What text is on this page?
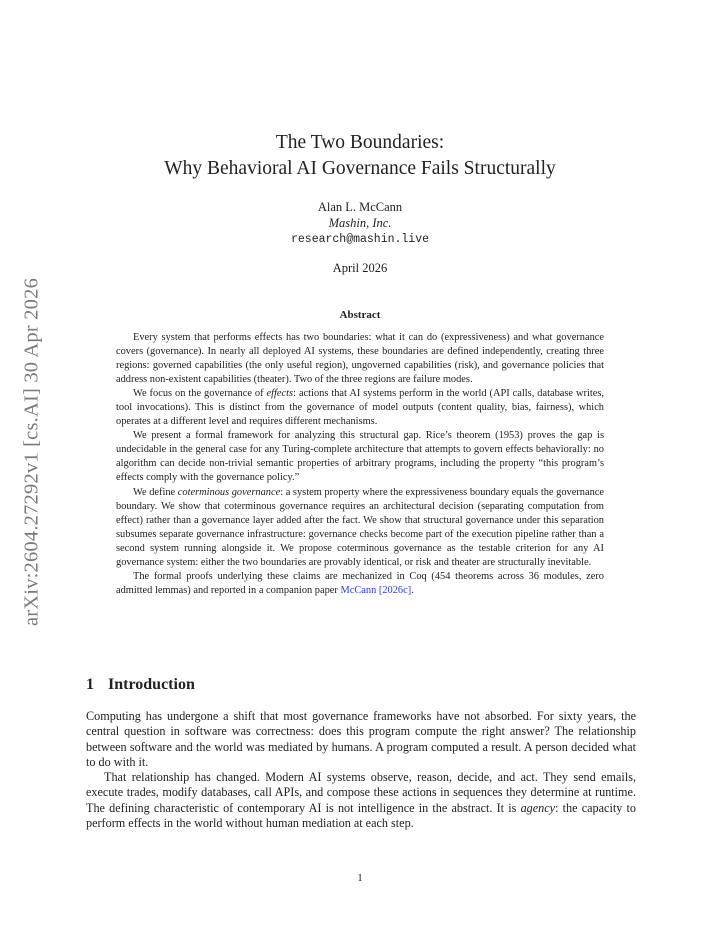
arXiv:2604.27292v1 [cs.AI] 30 Apr 2026
The Two Boundaries:
Why Behavioral AI Governance Fails Structurally
Alan L. McCann
Mashin, Inc.
research@mashin.live
April 2026
Abstract

Every system that performs effects has two boundaries: what it can do (expressiveness) and what governance covers (governance). In nearly all deployed AI systems, these boundaries are defined independently, creating three regions: governed capabilities (the only useful region), ungoverned capabilities (risk), and governance policies that address non-existent capabilities (theater). Two of the three regions are failure modes.

We focus on the governance of effects: actions that AI systems perform in the world (API calls, database writes, tool invocations). This is distinct from the governance of model outputs (content quality, bias, fairness), which operates at a different level and requires different mechanisms.

We present a formal framework for analyzing this structural gap. Rice’s theorem (1953) proves the gap is undecidable in the general case for any Turing-complete architecture that attempts to govern effects behaviorally: no algorithm can decide non-trivial semantic properties of arbitrary programs, including the property “this program’s effects comply with the governance policy.”

We define coterminous governance: a system property where the expressiveness boundary equals the governance boundary. We show that coterminous governance requires an architectural decision (separating computation from effect) rather than a governance layer added after the fact. We show that structural governance under this separation subsumes separate governance infrastructure: governance checks become part of the execution pipeline rather than a second system running alongside it. We propose coterminous governance as the testable criterion for any AI governance system: either the two boundaries are provably identical, or risk and theater are structurally inevitable.

The formal proofs underlying these claims are mechanized in Coq (454 theorems across 36 modules, zero admitted lemmas) and reported in a companion paper McCann [2026c].

1 Introduction

Computing has undergone a shift that most governance frameworks have not absorbed. For sixty years, the central question in software was correctness: does this program compute the right answer? The relationship between software and the world was mediated by humans. A program computed a result. A person decided what to do with it.

That relationship has changed. Modern AI systems observe, reason, decide, and act. They send emails, execute trades, modify databases, call APIs, and compose these actions in sequences they determine at runtime. The defining characteristic of contemporary AI is not intelligence in the abstract. It is agency: the capacity to perform effects in the world without human mediation at each step.

1
